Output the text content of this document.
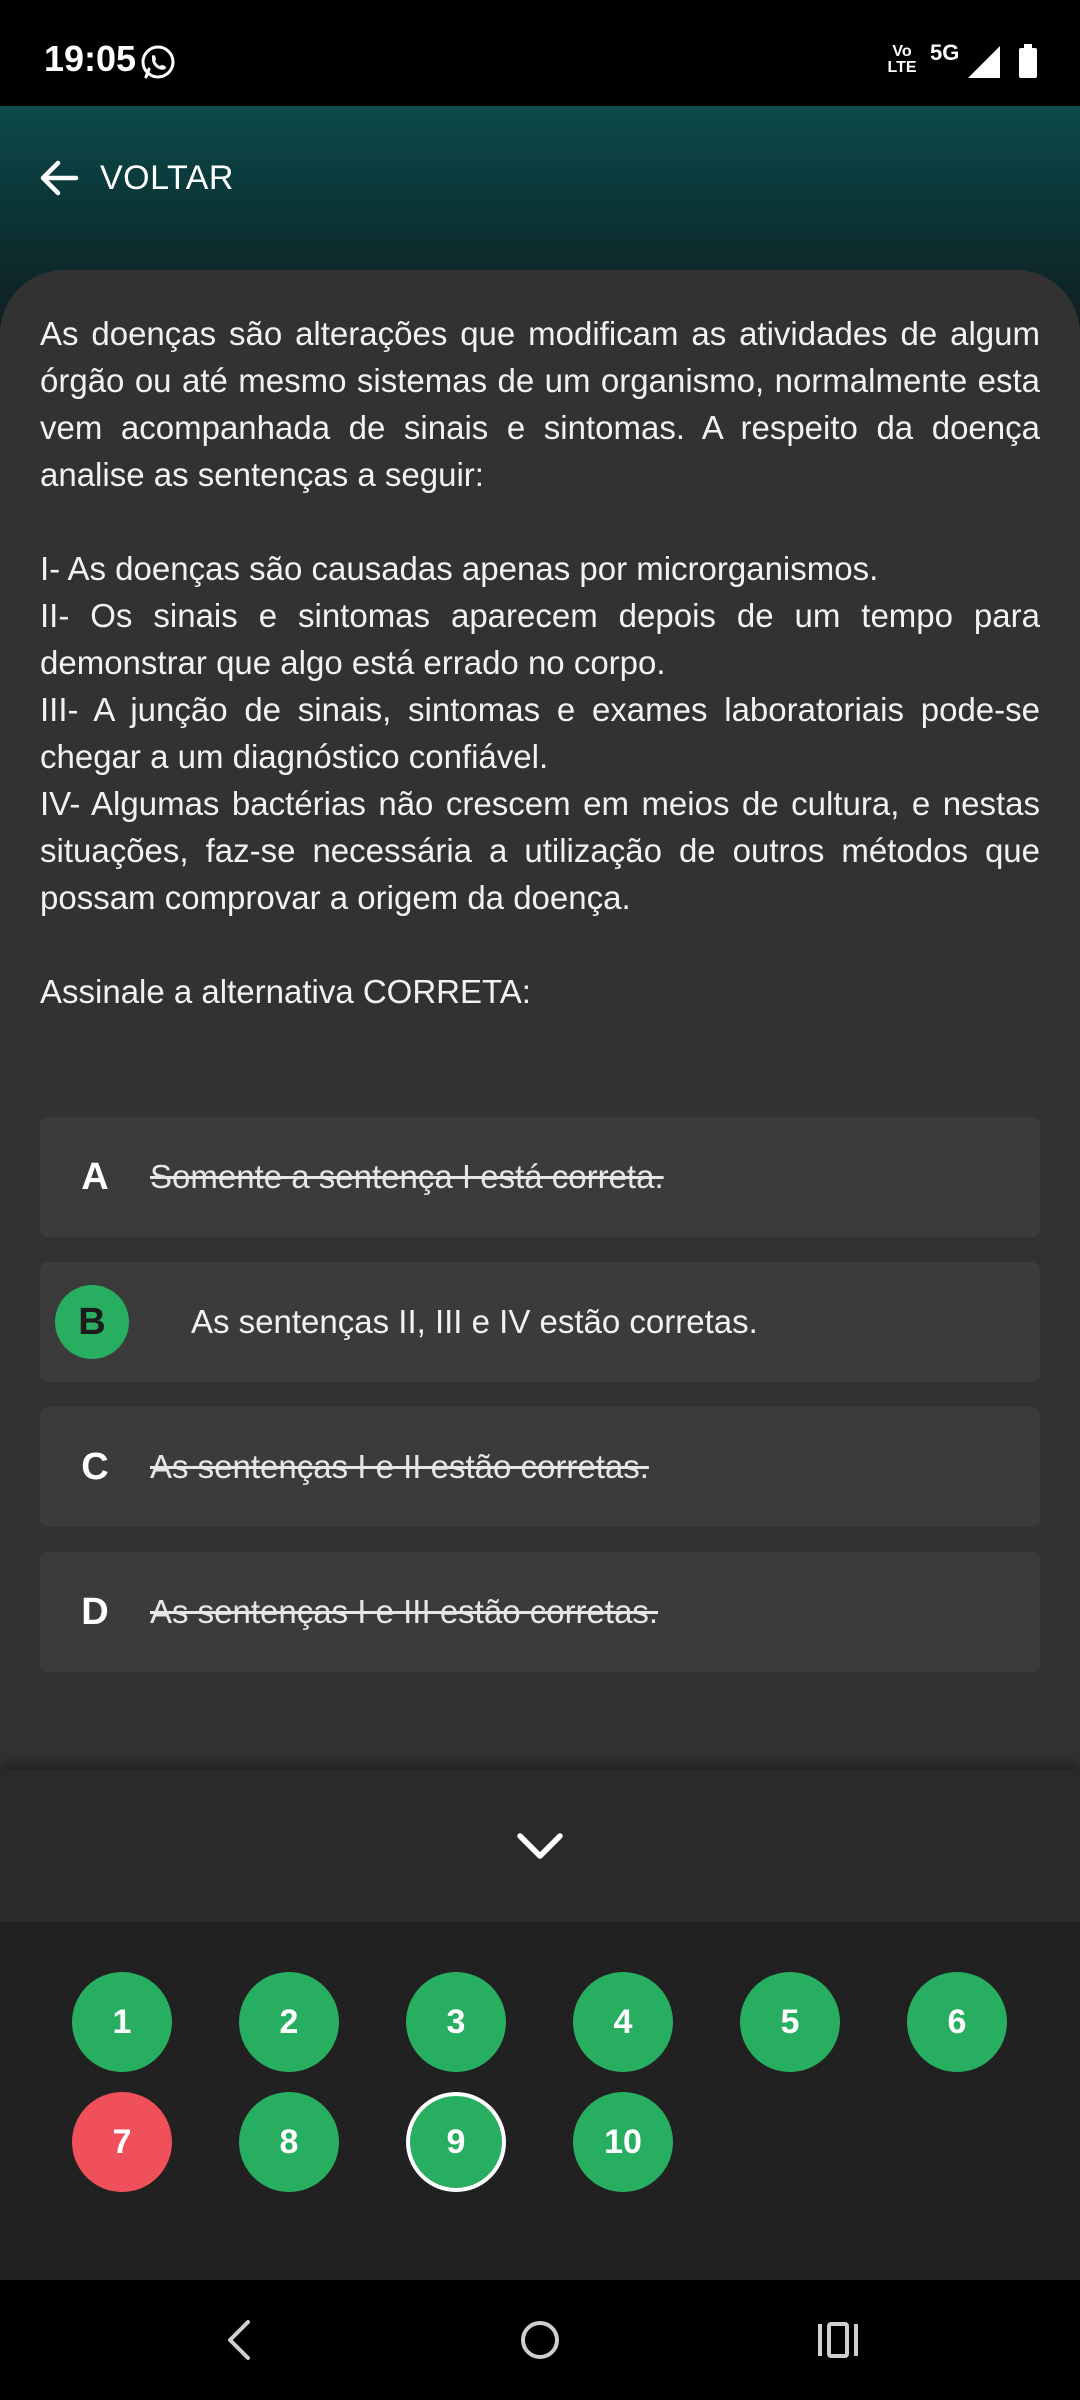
19:05	Vo LTE
5G
VOLTAR

As doenças são alterações que modificam as atividades de algum órgão ou até mesmo sistemas de um organismo, normalmente esta vem acompanhada de sinais e sintomas. A respeito da doença analise as sentenças a seguir:

I- As doenças são causadas apenas por microrganismos.

II- Os sinais e sintomas aparecem depois de um tempo para demonstrar que algo está errado no corpo.

III- A junção de sinais, sintomas e exames laboratoriais pode-se chegar a um diagnóstico confiável.

IV- Algumas bactérias não crescem em meios de cultura, e nestas situações, faz-se necessária a utilização de outros métodos que possam comprovar a origem da doença.

Assinale a alternativa CORRETA:

A	Somente a sentença I está correta.
B	As sentenças II, III e IV estão corretas.
C	As sentenças I e II estão corretas.
D	As sentenças I e III estão corretas.
1	2	3	4	5	6
7	8	9	10
